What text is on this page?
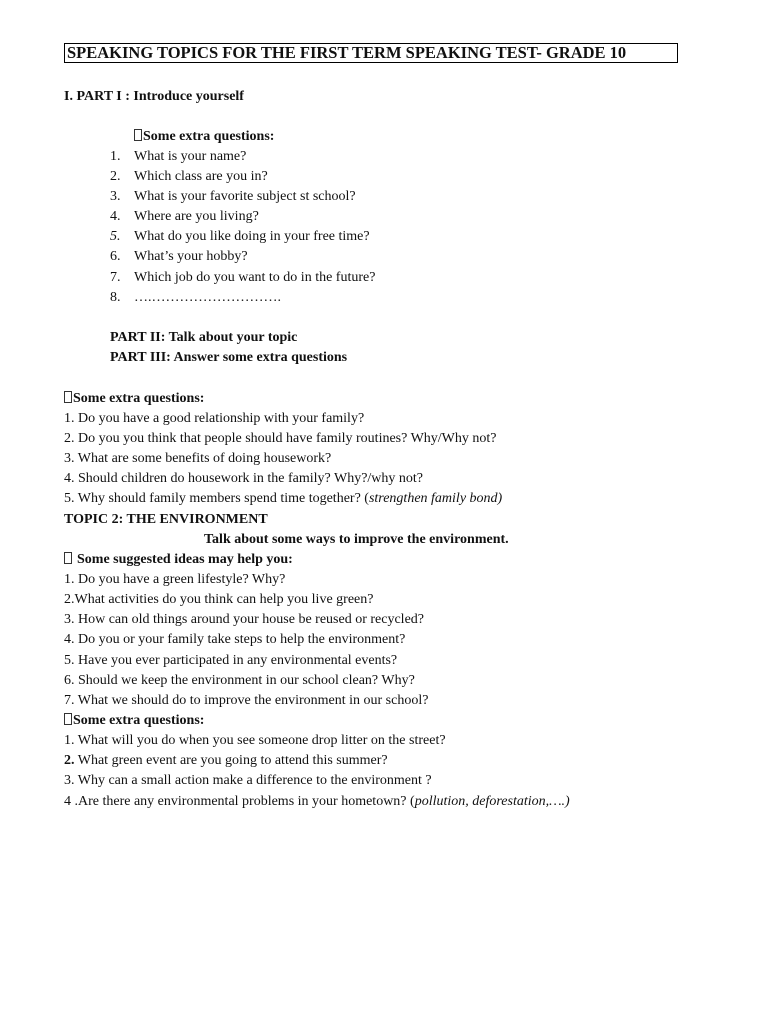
SPEAKING TOPICS FOR THE FIRST TERM SPEAKING TEST- GRADE 10
I. PART I : Introduce yourself
Some extra questions:
1. What is your name?
2. Which class are you in?
3. What is your favorite subject st school?
4. Where are you living?
5. What do you like doing in your free time?
6. What’s your hobby?
7. Which job do you want to do in the future?
8. ….……………………….
PART II: Talk about your topic
PART III: Answer some extra questions
Some extra questions:
1. Do you have a good relationship with your family?
2. Do you you think that people should have family routines? Why/Why not?
3. What are some benefits of doing housework?
4. Should children do housework in the family? Why?/why not?
5. Why should family members spend time together? (strengthen family bond)
TOPIC 2: THE ENVIRONMENT
Talk about some ways to improve the environment.
Some suggested ideas may help you:
1. Do you have a green lifestyle? Why?
2.What activities do you think can help you live green?
3. How can old things around your house be reused or recycled?
4. Do you or your family take steps to help the environment?
5. Have you ever participated in any environmental events?
6. Should we keep the environment in our school clean? Why?
7. What we should do to improve the environment in our school?
Some extra questions:
1. What will you do when you see someone drop litter on the street?
2. What green event are you going to attend this summer?
3. Why can a small action make a difference to the environment ?
4 .Are there any environmental problems in your hometown? (pollution, deforestation,….)
